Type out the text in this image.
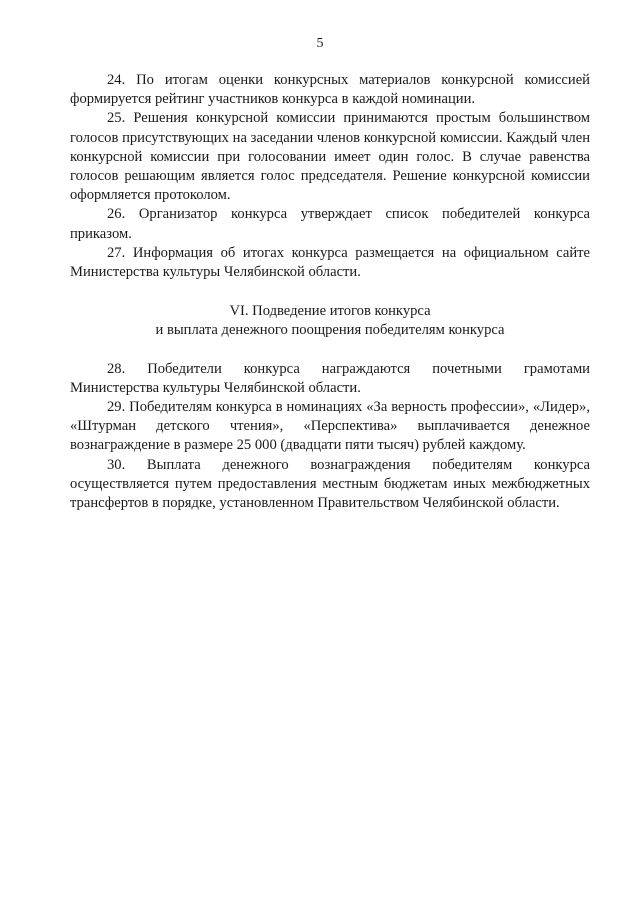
5

24. По итогам оценки конкурсных материалов конкурсной комиссией формируется рейтинг участников конкурса в каждой номинации.

25. Решения конкурсной комиссии принимаются простым большинством голосов присутствующих на заседании членов конкурсной комиссии. Каждый член конкурсной комиссии при голосовании имеет один голос. В случае равенства голосов решающим является голос председателя. Решение конкурсной комиссии оформляется протоколом.

26. Организатор конкурса утверждает список победителей конкурса приказом.

27. Информация об итогах конкурса размещается на официальном сайте Министерства культуры Челябинской области.

VI. Подведение итогов конкурса

и выплата денежного поощрения победителям конкурса

28. Победители конкурса награждаются почетными грамотами Министерства культуры Челябинской области.

29. Победителям конкурса в номинациях «За верность профессии», «Лидер», «Штурман детского чтения», «Перспектива» выплачивается денежное вознаграждение в размере 25 000 (двадцати пяти тысяч) рублей каждому.

30. Выплата денежного вознаграждения победителям конкурса осуществляется путем предоставления местным бюджетам иных межбюджетных трансфертов в порядке, установленном Правительством Челябинской области.
